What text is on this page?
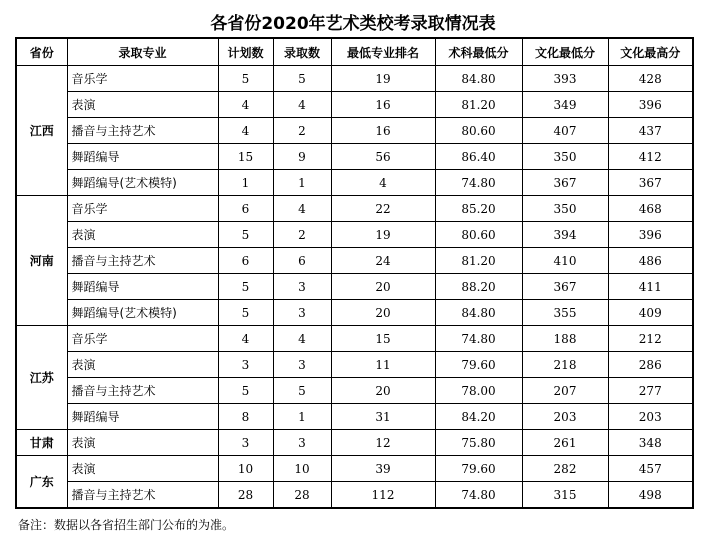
各省份2020年艺术类校考录取情况表
省份	录取专业	计划数	录取数	最低专业排名	术科最低分	文化最低分	文化最高分
江西	音乐学	5	5	19	84.80	393	428
	表演	4	4	16	81.20	349	396
	播音与主持艺术	4	2	16	80.60	407	437
	舞蹈编导	15	9	56	86.40	350	412
	舞蹈编导(艺术模特)	1	1	4	74.80	367	367
河南	音乐学	6	4	22	85.20	350	468
	表演	5	2	19	80.60	394	396
	播音与主持艺术	6	6	24	81.20	410	486
	舞蹈编导	5	3	20	88.20	367	411
	舞蹈编导(艺术模特)	5	3	20	84.80	355	409
江苏	音乐学	4	4	15	74.80	188	212
	表演	3	3	11	79.60	218	286
	播音与主持艺术	5	5	20	78.00	207	277
	舞蹈编导	8	1	31	84.20	203	203
甘肃	表演	3	3	12	75.80	261	348
广东	表演	10	10	39	79.60	282	457
	播音与主持艺术	28	28	112	74.80	315	498
备注：数据以各省招生部门公布的为准。
